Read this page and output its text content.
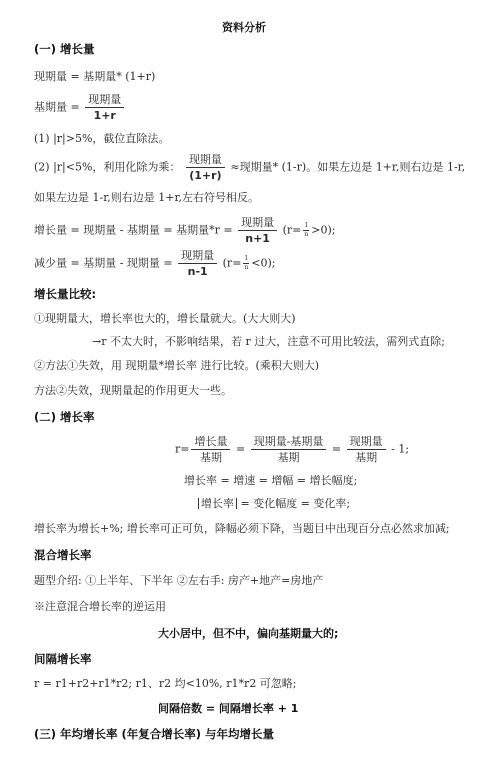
资料分析
(一) 增长量
现期量 = 基期量* (1+r)
基期量 = $\frac{\text{现期量}}{1+r}$
(1) |r|>5%，截位直除法。
(2) |r|<5%，利用化除为乘： $\frac{\text{现期量}}{(1+r)}$ ≈现期量* (1-r)。如果左边是 1+r,则右边是 1-r,
如果左边是 1-r,则右边是 1+r,左右符号相反。
增长量 = 现期量 - 基期量 = 基期量$*r = \frac{\text{现期量}}{n+1} (r= \frac{1}{n} >0)$;
减少量 = 基期量 - 现期量 = $\frac{\text{现期量}}{n-1} (r= \frac{1}{n} <0)$;
增长量比较:
①现期量大，增长率也大的，增长量就大。(大大则大)
→r 不太大时，不影响结果，若 r 过大，注意不可用比较法，需列式直除;
②方法①失效，用 现期量*增长率 进行比较。(乘积大则大)
方法②失效，现期量起的作用更大一些。
(二) 增长率
$r= \frac{\text{增长量}}{\text{基期}} = \frac{\text{现期量-基期量}}{\text{基期}} = \frac{\text{现期量}}{\text{基期}} - 1$;
增长率 = 增速 = 增幅 = 增长幅度;
增长率 = 变化幅度 = 变化率;
增长率为增长+%; 增长率可正可负，降幅必须下降，当题目中出现百分点必然求加减;
混合增长率
题型介绍: ①上半年、下半年 ②左右手: 房产+地产=房地产
※注意混合增长率的逆运用
大小居中，但不中，偏向基期量大的;
间隔增长率
r = r1+r2+r1*r2; r1、r2 均<10%, r1*r2 可忽略;
间隔倍数 = 间隔增长率 + 1
(三) 年均增长率 (年复合增长率) 与年均增长量
